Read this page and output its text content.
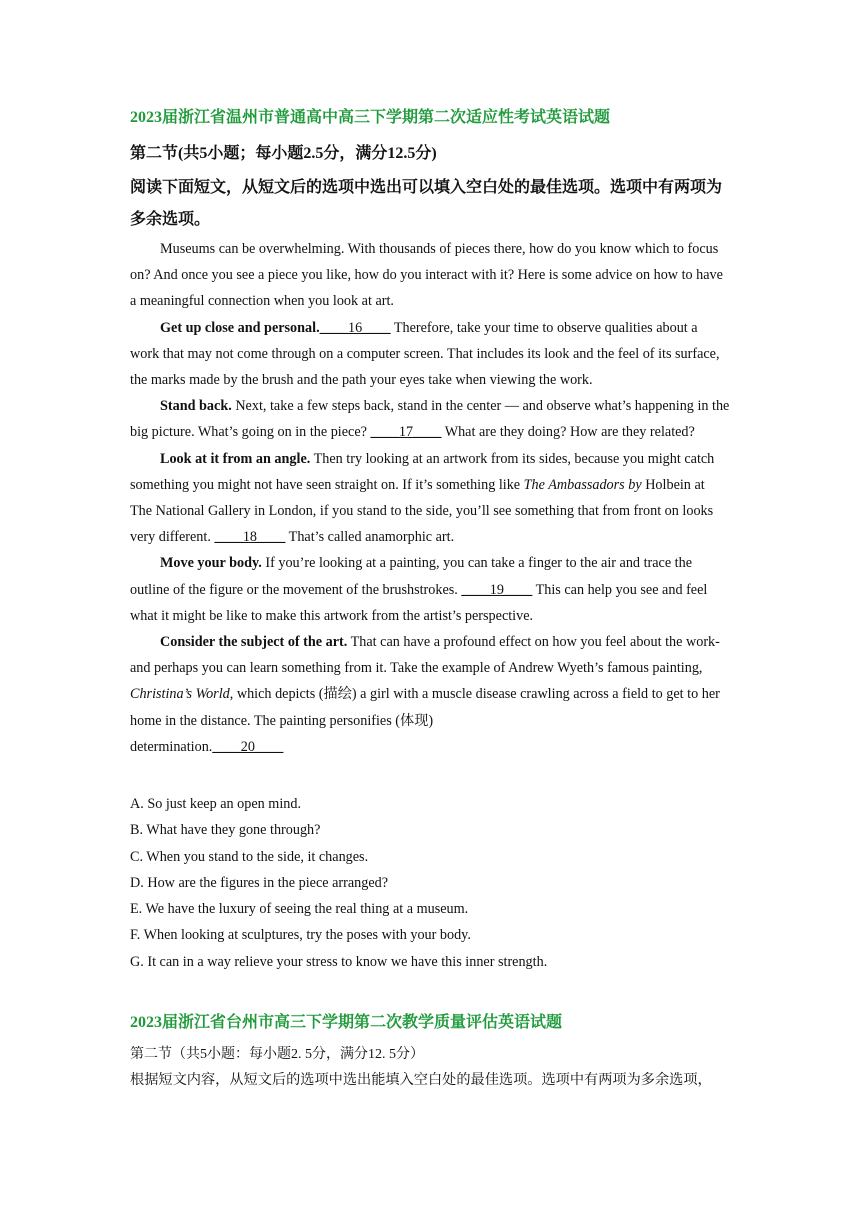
2023届浙江省温州市普通高中高三下学期第二次适应性考试英语试题
第二节(共5小题；每小题2.5分，满分12.5分)
阅读下面短文，从短文后的选项中选出可以填入空白处的最佳选项。选项中有两项为多余选项。

Museums can be overwhelming. With thousands of pieces there, how do you know which to focus on? And once you see a piece you like, how do you interact with it? Here is some advice on how to have a meaningful connection when you look at art.

Get up close and personal.____16____ Therefore, take your time to observe qualities about a work that may not come through on a computer screen. That includes its look and the feel of its surface, the marks made by the brush and the path your eyes take when viewing the work.

Stand back. Next, take a few steps back, stand in the center — and observe what’s happening in the big picture. What’s going on in the piece? ____17____ What are they doing? How are they related?

Look at it from an angle. Then try looking at an artwork from its sides, because you might catch something you might not have seen straight on. If it’s something like The Ambassadors by Holbein at The National Gallery in London, if you stand to the side, you’ll see something that from front on looks very different. ____18____ That’s called anamorphic art.

Move your body. If you’re looking at a painting, you can take a finger to the air and trace the outline of the figure or the movement of the brushstrokes. ____19____ This can help you see and feel what it might be like to make this artwork from the artist’s perspective.

Consider the subject of the art. That can have a profound effect on how you feel about the work-and perhaps you can learn something from it. Take the example of Andrew Wyeth’s famous painting, Christina’s World, which depicts (描绘) a girl with a muscle disease crawling across a field to get to her home in the distance. The painting personifies (体现)

determination.____20____

A. So just keep an open mind.
B. What have they gone through?
C. When you stand to the side, it changes.
D. How are the figures in the piece arranged?
E. We have the luxury of seeing the real thing at a museum.
F. When looking at sculptures, try the poses with your body.
G. It can in a way relieve your stress to know we have this inner strength.
2023届浙江省台州市高三下学期第二次教学质量评估英语试题
第二节（共5小题：每小题2. 5分，满分12. 5分）
根据短文内容，从短文后的选项中选出能填入空白处的最佳选项。选项中有两项为多余选项，
